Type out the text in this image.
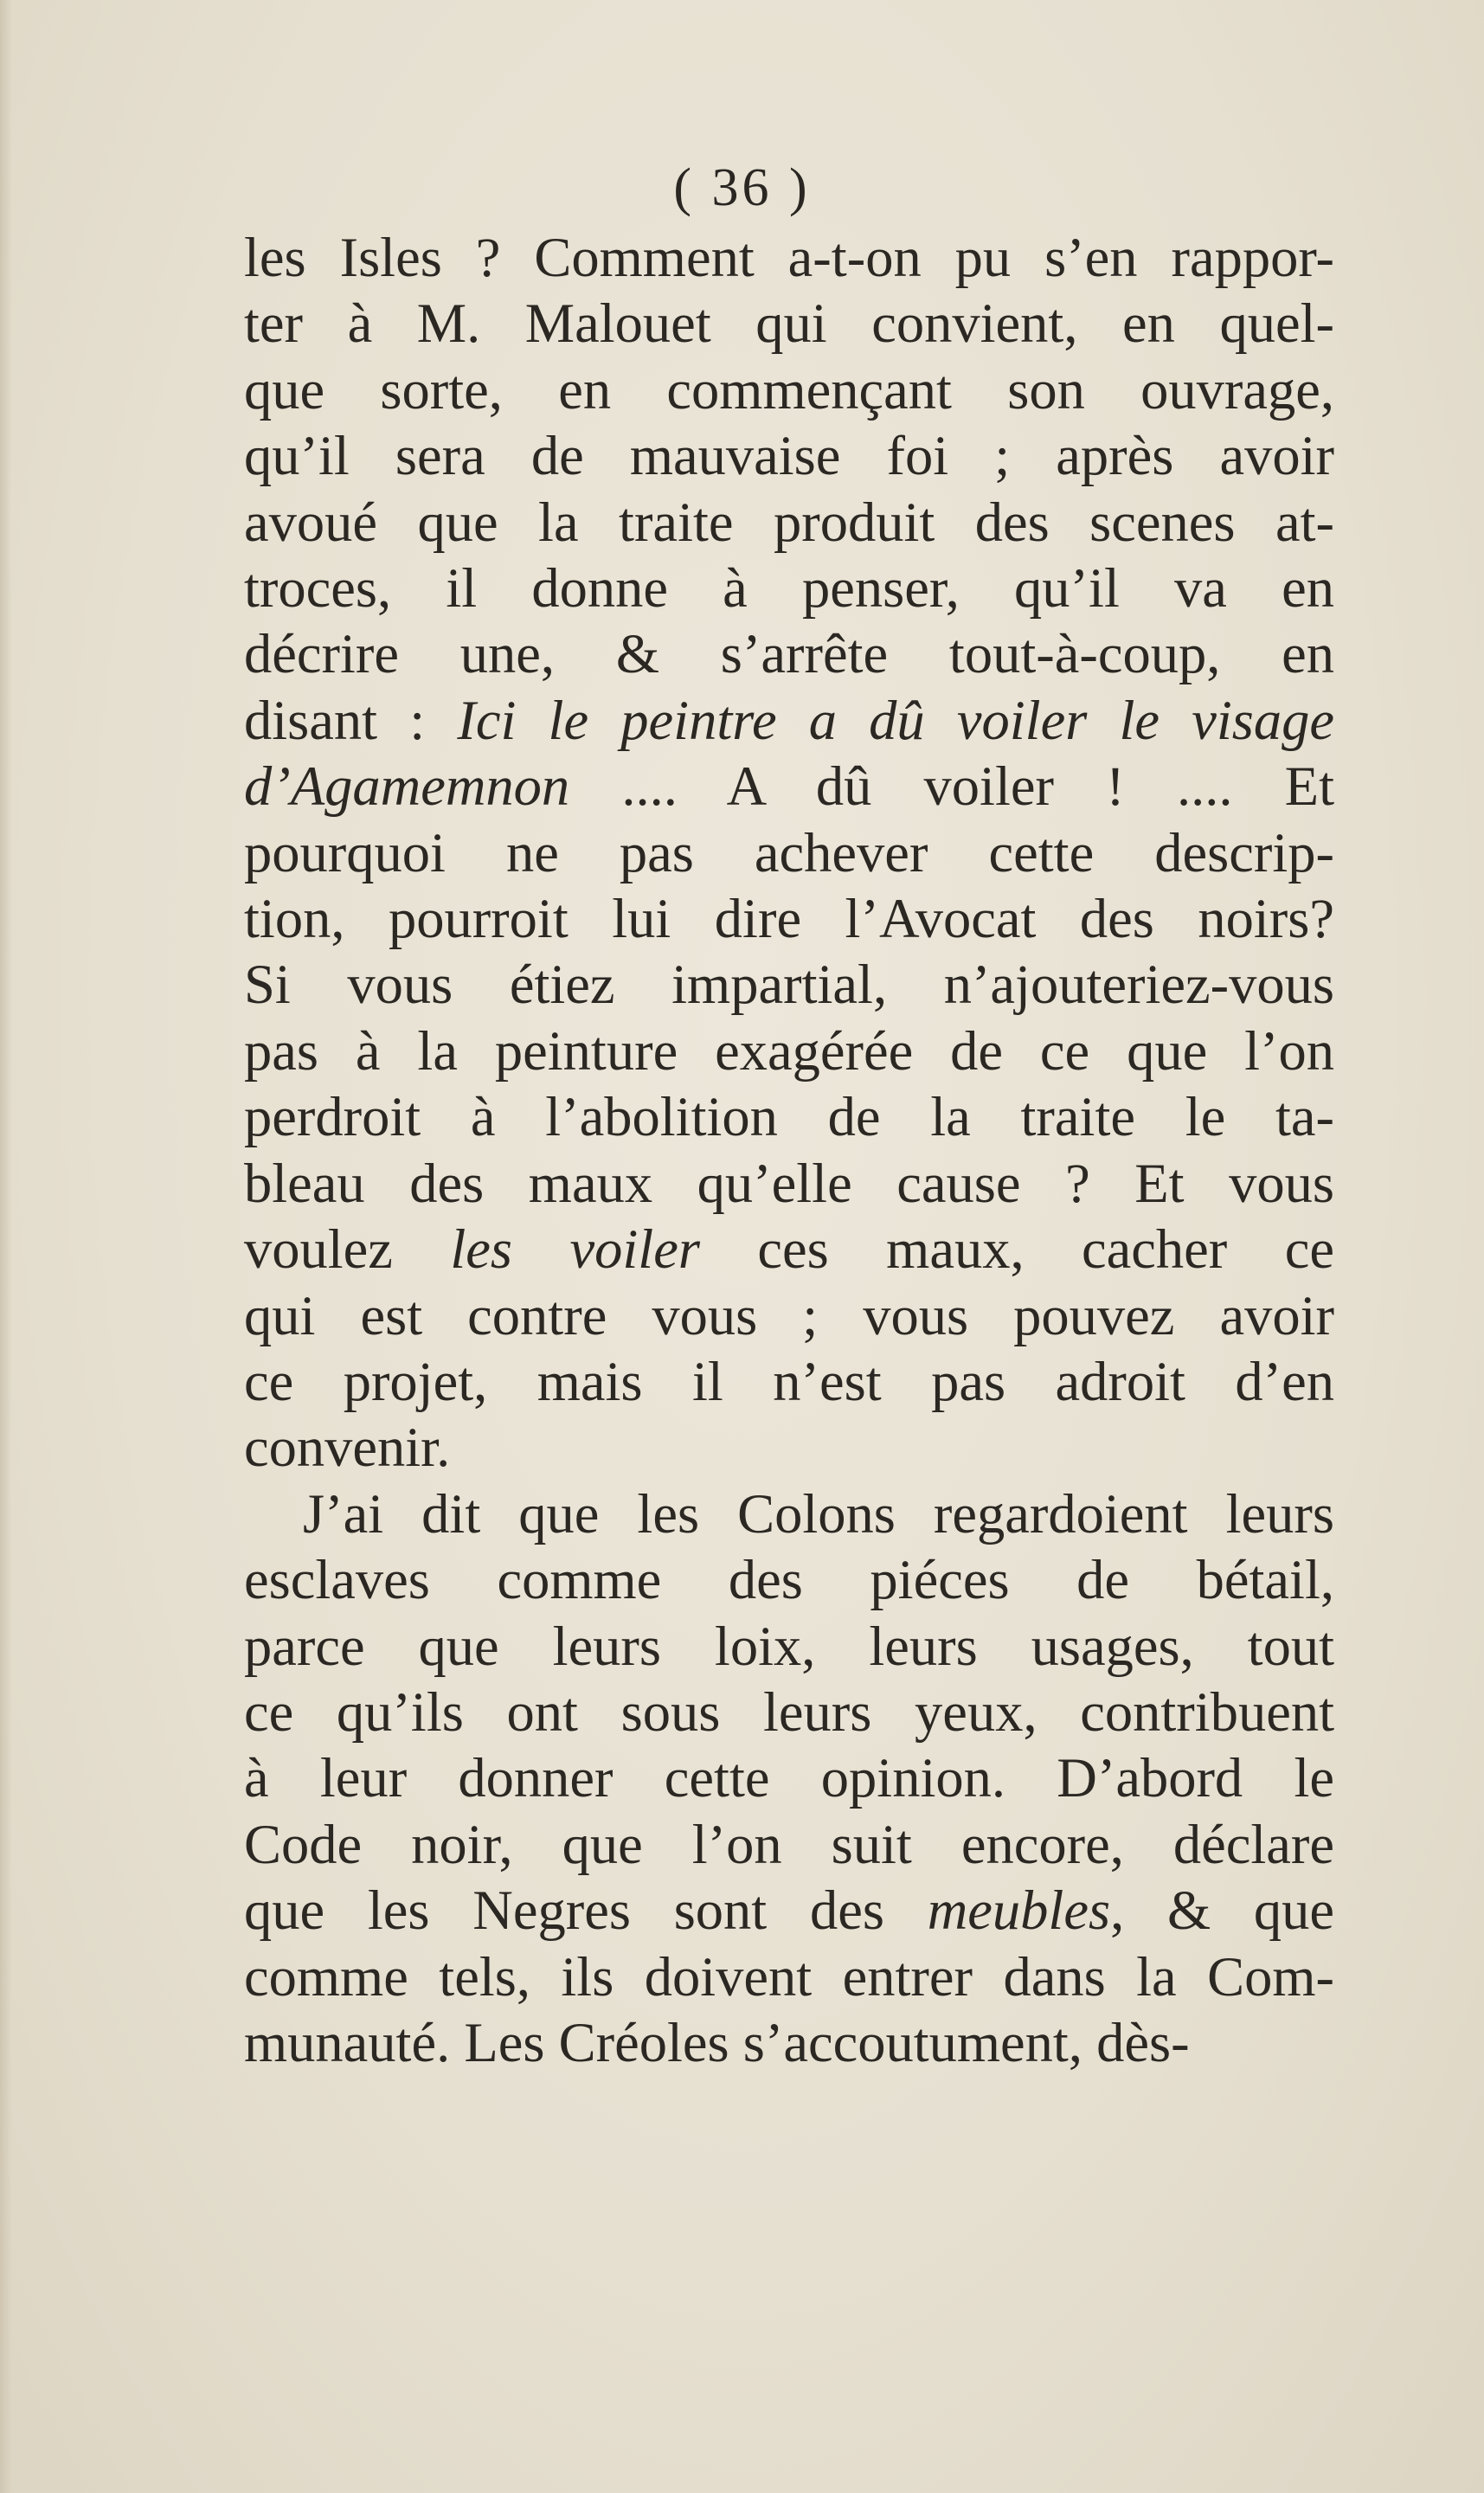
( 36 )
les Isles ? Comment a-t-on pu s’en rappor-
ter à M. Malouet qui convient, en quel-
que sorte, en commençant son ouvrage,
qu’il sera de mauvaise foi ; après avoir
avoué que la traite produit des scenes at-
troces, il donne à penser, qu’il va en
décrire une, & s’arrête tout-à-coup, en
disant : Ici le peintre a dû voiler le visage
d’Agamemnon .... A dû voiler ! .... Et
pourquoi ne pas achever cette descrip-
tion, pourroit lui dire l’Avocat des noirs?
Si vous étiez impartial, n’ajouteriez-vous
pas à la peinture exagérée de ce que l’on
perdroit à l’abolition de la traite le ta-
bleau des maux qu’elle cause ? Et vous
voulez les voiler ces maux, cacher ce
qui est contre vous ; vous pouvez avoir
ce projet, mais il n’est pas adroit d’en
convenir.
J’ai dit que les Colons regardoient leurs
esclaves comme des piéces de bétail,
parce que leurs loix, leurs usages, tout
ce qu’ils ont sous leurs yeux, contribuent
à leur donner cette opinion. D’abord le
Code noir, que l’on suit encore, déclare
que les Negres sont des meubles, & que
comme tels, ils doivent entrer dans la Com-
munauté. Les Créoles s’accoutument, dès-
